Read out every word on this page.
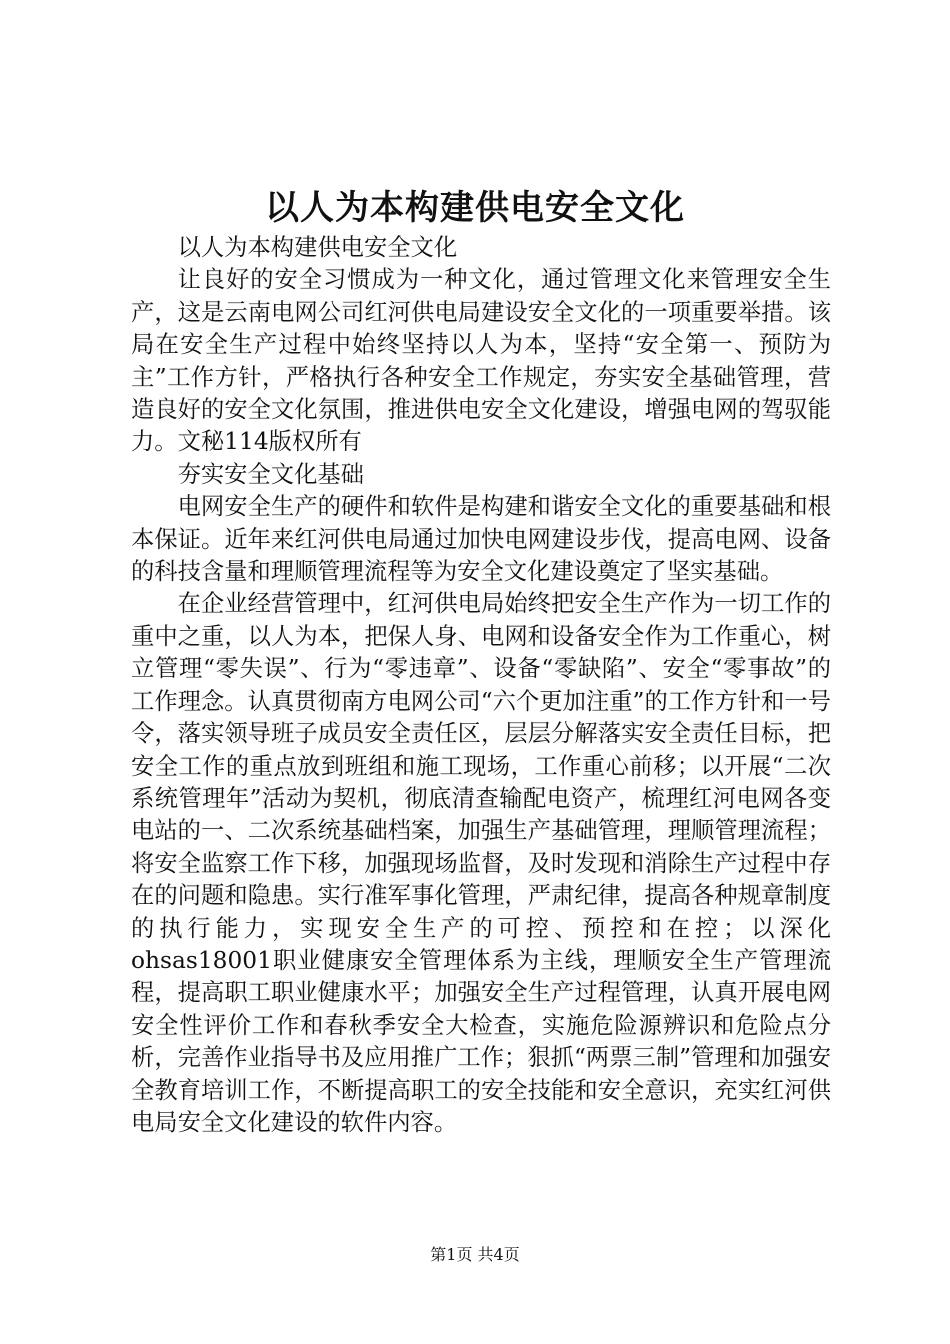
以人为本构建供电安全文化

以人为本构建供电安全文化

让良好的安全习惯成为一种文化，通过管理文化来管理安全生产，这是云南电网公司红河供电局建设安全文化的一项重要举措。该局在安全生产过程中始终坚持以人为本，坚持“安全第一、预防为主”工作方针，严格执行各种安全工作规定，夯实安全基础管理，营造良好的安全文化氛围，推进供电安全文化建设，增强电网的驾驭能力。文秘114版权所有

夯实安全文化基础

电网安全生产的硬件和软件是构建和谐安全文化的重要基础和根本保证。近年来红河供电局通过加快电网建设步伐，提高电网、设备的科技含量和理顺管理流程等为安全文化建设奠定了坚实基础。

在企业经营管理中，红河供电局始终把安全生产作为一切工作的重中之重，以人为本，把保人身、电网和设备安全作为工作重心，树立管理“零失误”、行为“零违章”、设备“零缺陷”、安全“零事故”的工作理念。认真贯彻南方电网公司“六个更加注重”的工作方针和一号令，落实领导班子成员安全责任区，层层分解落实安全责任目标，把安全工作的重点放到班组和施工现场，工作重心前移；以开展“二次系统管理年”活动为契机，彻底清查输配电资产，梳理红河电网各变电站的一、二次系统基础档案，加强生产基础管理，理顺管理流程；将安全监察工作下移，加强现场监督，及时发现和消除生产过程中存在的问题和隐患。实行准军事化管理，严肃纪律，提高各种规章制度的执行能力，实现安全生产的可控、预控和在控；以深化ohsas18001职业健康安全管理体系为主线，理顺安全生产管理流程，提高职工职业健康水平；加强安全生产过程管理，认真开展电网安全性评价工作和春秋季安全大检查，实施危险源辨识和危险点分析，完善作业指导书及应用推广工作；狠抓“两票三制”管理和加强安全教育培训工作，不断提高职工的安全技能和安全意识，充实红河供电局安全文化建设的软件内容。

第1页 共4页
